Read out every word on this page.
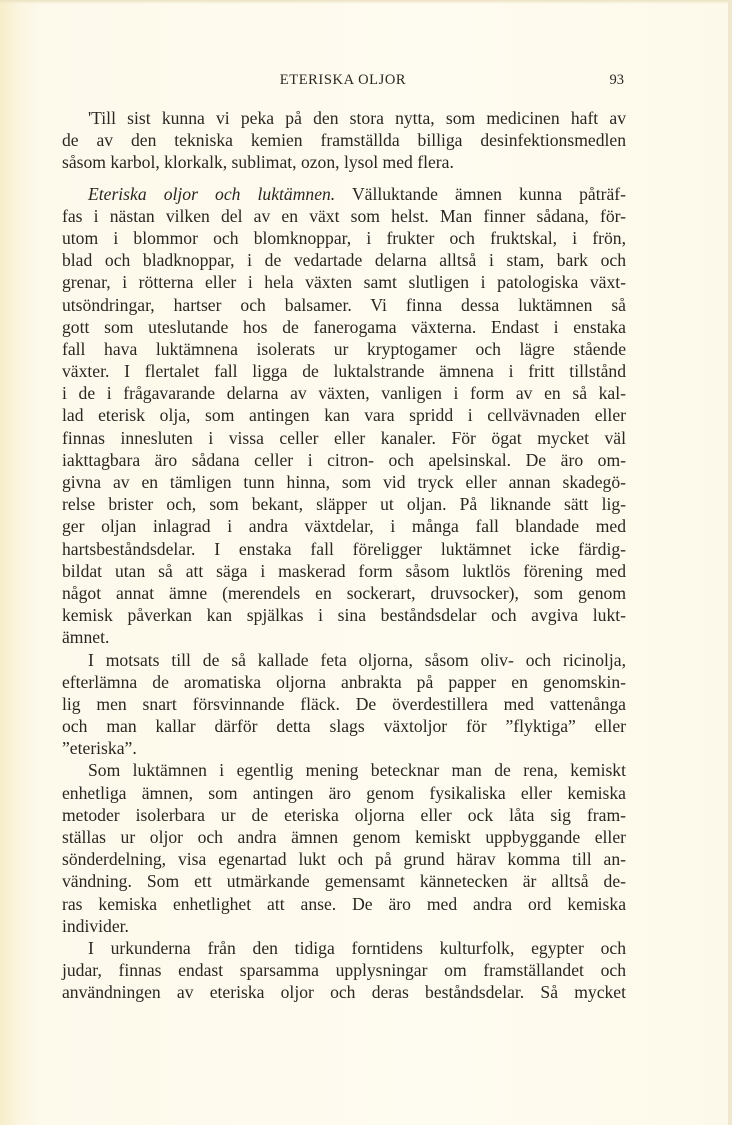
ETERISKA OLJOR	93
'Till sist kunna vi peka på den stora nytta, som medicinen haft av
de av den tekniska kemien framställda billiga desinfektionsmedlen
såsom karbol, klorkalk, sublimat, ozon, lysol med flera.
Eteriska oljor och luktämnen. Välluktande ämnen kunna påträf-
fas i nästan vilken del av en växt som helst. Man finner sådana, för-
utom i blommor och blomknoppar, i frukter och fruktskal, i frön,
blad och bladknoppar, i de vedartade delarna alltså i stam, bark och
grenar, i rötterna eller i hela växten samt slutligen i patologiska växt-
utsöndringar, hartser och balsamer. Vi finna dessa luktämnen så
gott som uteslutande hos de fanerogama växterna. Endast i enstaka
fall hava luktämnena isolerats ur kryptogamer och lägre stående
växter. I flertalet fall ligga de luktalstrande ämnena i fritt tillstånd
i de i frågavarande delarna av växten, vanligen i form av en så kal-
lad eterisk olja, som antingen kan vara spridd i cellvävnaden eller
finnas innesluten i vissa celler eller kanaler. För ögat mycket väl
iakttagbara äro sådana celler i citron- och apelsinskal. De äro om-
givna av en tämligen tunn hinna, som vid tryck eller annan skadegö-
relse brister och, som bekant, släpper ut oljan. På liknande sätt lig-
ger oljan inlagrad i andra växtdelar, i många fall blandade med
hartsbeståndsdelar. I enstaka fall föreligger luktämnet icke färdig-
bildat utan så att säga i maskerad form såsom luktlös förening med
något annat ämne (merendels en sockerart, druvsocker), som genom
kemisk påverkan kan spjälkas i sina beståndsdelar och avgiva lukt-
ämnet.
I motsats till de så kallade feta oljorna, såsom oliv- och ricinolja,
efterlämna de aromatiska oljorna anbrakta på papper en genomskin-
lig men snart försvinnande fläck. De överdestillera med vattenånga
och man kallar därför detta slags växtoljor för ”flyktiga” eller
”eteriska”.
Som luktämnen i egentlig mening betecknar man de rena, kemiskt
enhetliga ämnen, som antingen äro genom fysikaliska eller kemiska
metoder isolerbara ur de eteriska oljorna eller ock låta sig fram-
ställas ur oljor och andra ämnen genom kemiskt uppbyggande eller
sönderdelning, visa egenartad lukt och på grund härav komma till an-
vändning. Som ett utmärkande gemensamt kännetecken är alltså de-
ras kemiska enhetlighet att anse. De äro med andra ord kemiska
individer.
I urkunderna från den tidiga forntidens kulturfolk, egypter och
judar, finnas endast sparsamma upplysningar om framställandet och
användningen av eteriska oljor och deras beståndsdelar. Så mycket
